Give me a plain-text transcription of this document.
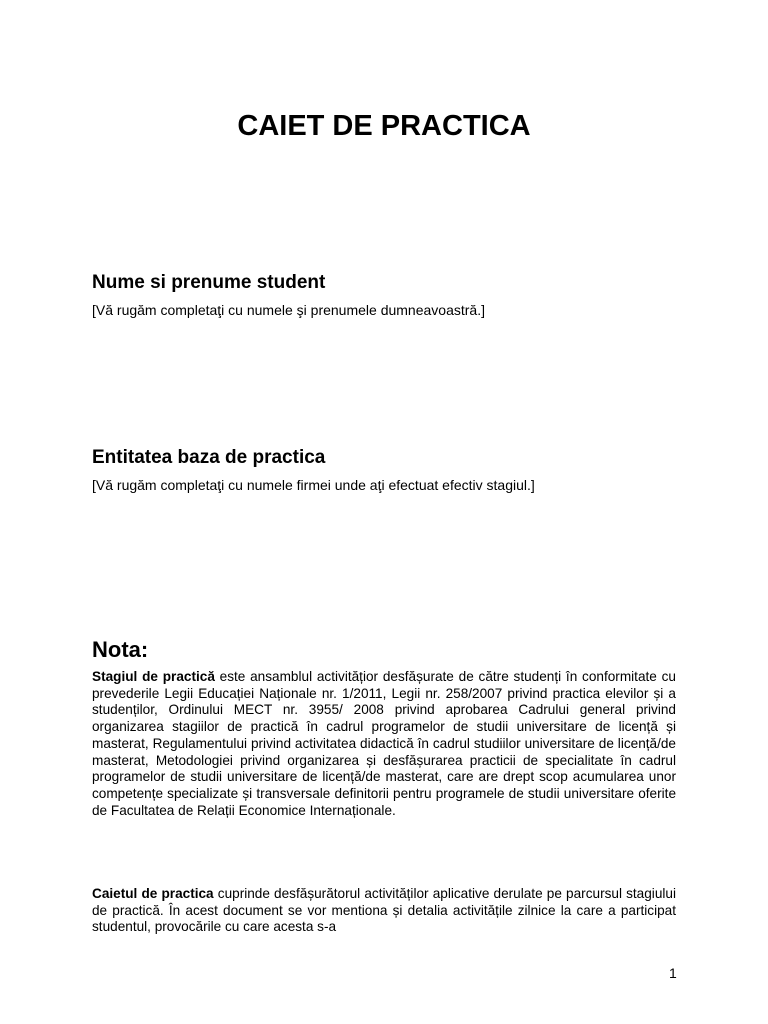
CAIET DE PRACTICA
Nume si prenume student

[Vă rugăm completaţi cu numele şi prenumele dumneavoastră.]

Entitatea baza de practica

[Vă rugăm completaţi cu numele firmei unde aţi efectuat efectiv stagiul.]

Nota:

Stagiul de practică este ansamblul activitățior desfășurate de către studenți în conformitate cu prevederile Legii Educației Naționale nr. 1/2011, Legii nr. 258/2007 privind practica elevilor și a studenților, Ordinului MECT nr. 3955/ 2008 privind aprobarea Cadrului general privind organizarea stagiilor de practică în cadrul programelor de studii universitare de licență și masterat, Regulamentului privind activitatea didactică în cadrul studiilor universitare de licență/de masterat, Metodologiei privind organizarea și desfășurarea practicii de specialitate în cadrul programelor de studii universitare de licență/de masterat, care are drept scop acumularea unor competențe specializate și transversale definitorii pentru programele de studii universitare oferite de Facultatea de Relații Economice Internaționale.

Caietul de practica cuprinde desfășurătorul activităților aplicative derulate pe parcursul stagiului de practică. În acest document se vor mentiona și detalia activitățile zilnice la care a participat studentul, provocările cu care acesta s-a

1
